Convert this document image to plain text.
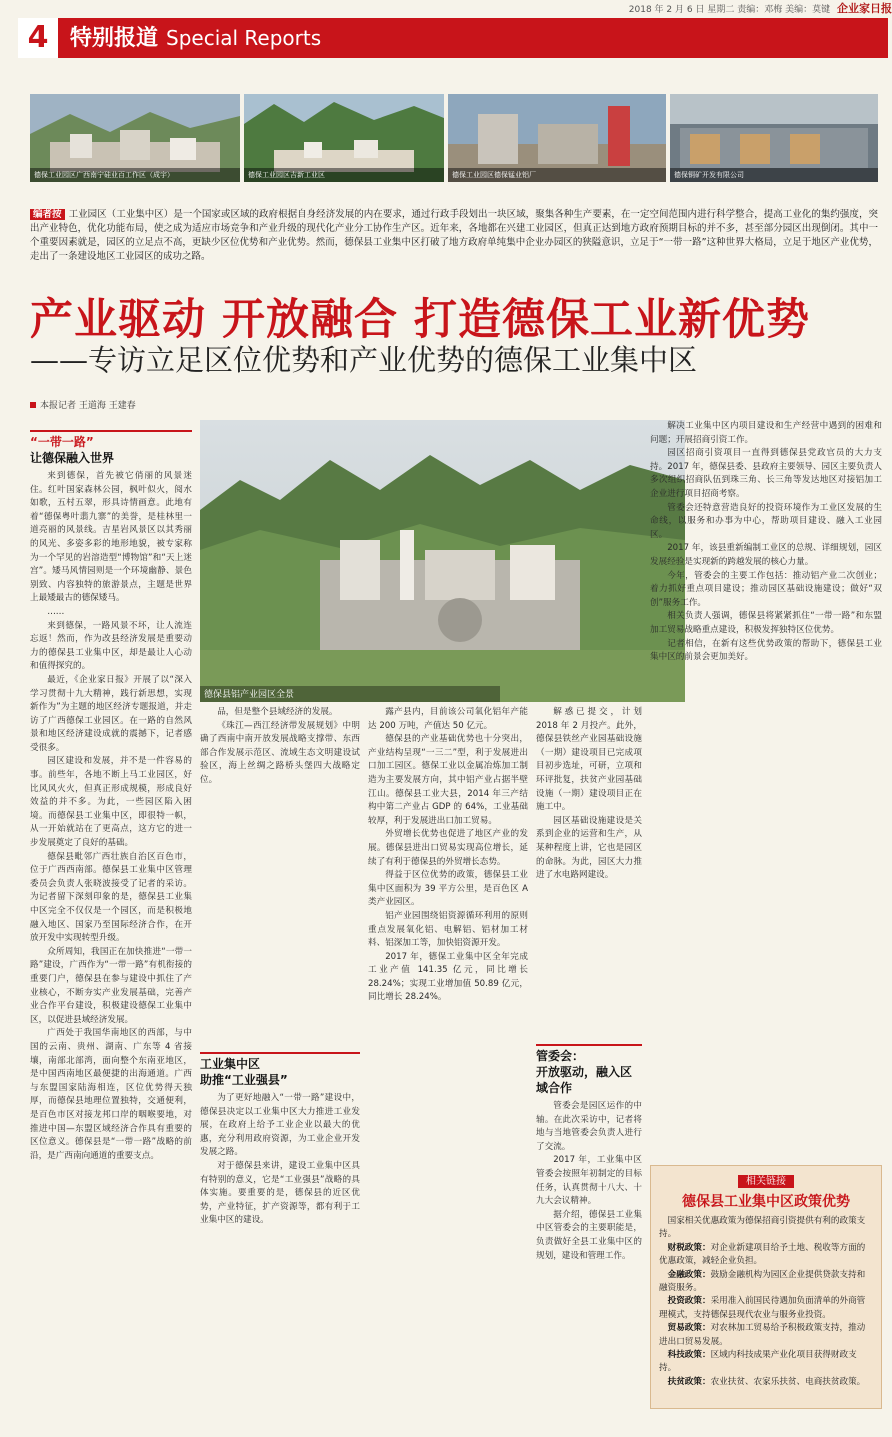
2018 年 2 月 6 日 星期二 责编：邓梅 美编：莫键 企业家日报
4 特别报道 Special Reports
德保工业园区广西南宁硅业百工作区（成宇）	德保工业园区吉新工业区	德保工业园区德保锰业铝厂	德保铜矿开发有限公司
编者按 工业园区（工业集中区）是一个国家或区域的政府根据自身经济发展的内在要求，通过行政手段划出一块区域，聚集各种生产要素，在一定空间范围内进行科学整合，提高工业化的集约强度，突出产业特色，优化功能布局，使之成为适应市场竞争和产业升级的现代化产业分工协作生产区。近年来，各地都在兴建工业园区，但真正达到地方政府预期目标的并不多，甚至部分园区出现倒闭。其中一个重要因素就是，园区的立足点不高，更缺少区位优势和产业优势。然而，德保县工业集中区打破了地方政府单纯集中企业办园区的狭隘意识，立足于“一带一路”这种世界大格局，立足于地区产业优势，走出了一条建设地区工业园区的成功之路。
产业驱动 开放融合 打造德保工业新优势
——专访立足区位优势和产业优势的德保工业集中区
本报记者 王道海 王建春
“一带一路”
让德保融入世界

来到德保，首先被它俏丽的风景迷住。红叶国家森林公园，枫叶似火，阅水如歌，五村五翠，形具诗情画意。此地有着“德保粤叶翡九寨”的美誉，是桂林里一道亮丽的风景线。吉星岩风景区以其秀丽的风光、多姿多彩的地形地貌，被专家称为一个罕见的岩溶造型“博物馆”和“天上迷宫”。矮马风情园则是一个环境幽静、景色别致、内容独特的旅游景点，主题是世界上最矮最古的德保矮马。

……

来到德保，一路风景不坏，让人流连忘返！然而，作为改县经济发展是重要动力的德保县工业集中区，却是最让人心动和值得探究的。

最近，《企业家日报》开展了以“深入学习贯彻十九大精神，践行新思想，实现新作为”为主题的地区经济专题报道，并走访了广西德保工业园区。在一路的自然风景和地区经济建设成就的震撼下，记者感受很多。

园区建设和发展，并不是一件容易的事。前些年，各地不断上马工业园区，好比风风火火，但真正形成规模，形成良好效益的并不多。为此，一些园区陷入困境。而德保县工业集中区，即很特一帜，从一开始就站在了更高点，这方它的进一步发展奠定了良好的基础。

德保县毗邻广西壮族自治区百色市，位于广西西南部。德保县工业集中区管理委员会负责人张晓波接受了记者的采访。为记者留下深刻印象的是，德保县工业集中区完全不仅仅是一个园区，而是积极地融入地区、国家乃至国际经济合作，在开放开发中实现转型升级。

众所周知，我国正在加快推进“一带一路”建设，广西作为“一带一路”有机衔接的重要门户，德保县在参与建设中抓住了产业核心，不断夯实产业发展基础，完善产业合作平台建设，积极建设德保工业集中区，以促进县域经济发展。

广西处于我国华南地区的西部，与中国的云南、贵州、湖南、广东等 4 省接壤，南部北部湾，面向整个东南亚地区，是中国西南地区最便捷的出海通道。广西与东盟国家陆海相连，区位优势得天独厚，而德保县地理位置独特，交通便利，是百色市区对接龙邦口岸的咽喉要地，对推进中国—东盟区域经济合作具有重要的区位意义。德保县是“一带一路”战略的前沿，是广西南向通道的重要支点。

德保县铝产业园区全景

品，但是整个县域经济的发展。

《珠江—西江经济带发展规划》中明确了西南中南开放发展战略支撑带、东西部合作发展示范区、流域生态文明建设试验区，海上丝绸之路桥头堡四大战略定位。

工业集中区
助推“工业强县”

为了更好地融入“一带一路”建设中，德保县决定以工业集中区大力推进工业发展，在政府上给予工业企业以最大的优惠，充分利用政府资源，为工业企业开发发展之路。

对于德保县来讲，建设工业集中区具有特别的意义，它是“工业强县”战略的具体实施。要重要的是，德保县的近区优势，产业特征，扩产资源等，都有利于工业集中区的建设。

露产县内，目前该公司氧化铝年产能达 200 万吨，产值达 50 亿元。

德保县的产业基础优势也十分突出，产业结构呈现“一三二”型，利于发展进出口加工园区。德保工业以金属冶炼加工制造为主要发展方向，其中铝产业占据半壁江山。德保县工业大县，2014 年三产结构中第二产业占 GDP 的 64%，工业基础较厚，利于发展进出口加工贸易。

外贸增长优势也促进了地区产业的发展。德保县进出口贸易实现高位增长，延续了有利于德保县的外贸增长态势。

得益于区位优势的政策，德保县工业集中区面积为 39 平方公里，是百色区 A 类产业园区。

铝产业园围绕铝资源循环利用的原则重点发展氧化铝、电解铝、铝材加工材料、铝深加工等，加快铝资源开发。

2017 年，德保工业集中区全年完成工业产值 141.35 亿元，同比增长 28.24%；实现工业增加值 50.89 亿元，同比增长 28.24%。

解惑已提交，计划 2018 年 2 月投产。此外，德保县铁丝产业园基础设施（一期）建设项目已完成项目初步选址，可研，立项和环评批复，扶贫产业园基础设施（一期）建设项目正在施工中。

园区基础设施建设是关系到企业的运营和生产，从某种程度上讲，它也是园区的命脉。为此，园区大力推进了水电路网建设。

管委会：
开放驱动，融入区域合作

管委会是园区运作的中轴。在此次采访中，记者将地与当地管委会负责人进行了交流。

2017 年，工业集中区管委会按照年初制定的目标任务，认真贯彻十八大、十九大会议精神。

据介绍，德保县工业集中区管委会的主要职能是，负责做好全县工业集中区的规划，建设和管理工作。

解决工业集中区内项目建设和生产经营中遇到的困难和问题；开展招商引资工作。

园区招商引资项目一直得到德保县党政官员的大力支持。2017 年，德保县委、县政府主要领导、园区主要负责人多次组织招商队伍到珠三角、长三角等发达地区对接铝加工企业进行项目招商考察。

管委会还特意营造良好的投资环境作为工业区发展的生命线，以服务和办事为中心，帮助项目建设、融入工业园区。

2017 年，该县重新编制工业区的总规、详细规划，园区发展经验是实现新的跨越发展的核心力量。

今年，管委会的主要工作包括：推动铝产业二次创业；着力抓好重点项目建设；推动园区基础设施建设；做好“双创”服务工作。

相关负责人强调，德保县将紧紧抓住“一带一路”和东盟加工贸易战略重点建设，积极发挥独特区位优势。

记者相信，在新有这些优势政策的帮助下，德保县工业集中区的前景会更加美好。

相关链接
德保县工业集中区政策优势

国家相关优惠政策为德保招商引资提供有利的政策支持。

财税政策：对企业新建项目给予土地、税收等方面的优惠政策，减轻企业负担。

金融政策：鼓励金融机构为园区企业提供贷款支持和融资服务。

投资政策：采用准入前国民待遇加负面清单的外商管理模式，支持德保县现代农业与服务业投资。

贸易政策：对农林加工贸易给予积极政策支持，推动进出口贸易发展。

科技政策：区域内科技成果产业化项目获得财政支持。

扶贫政策：农业扶贫、农家乐扶贫、电商扶贫政策。
